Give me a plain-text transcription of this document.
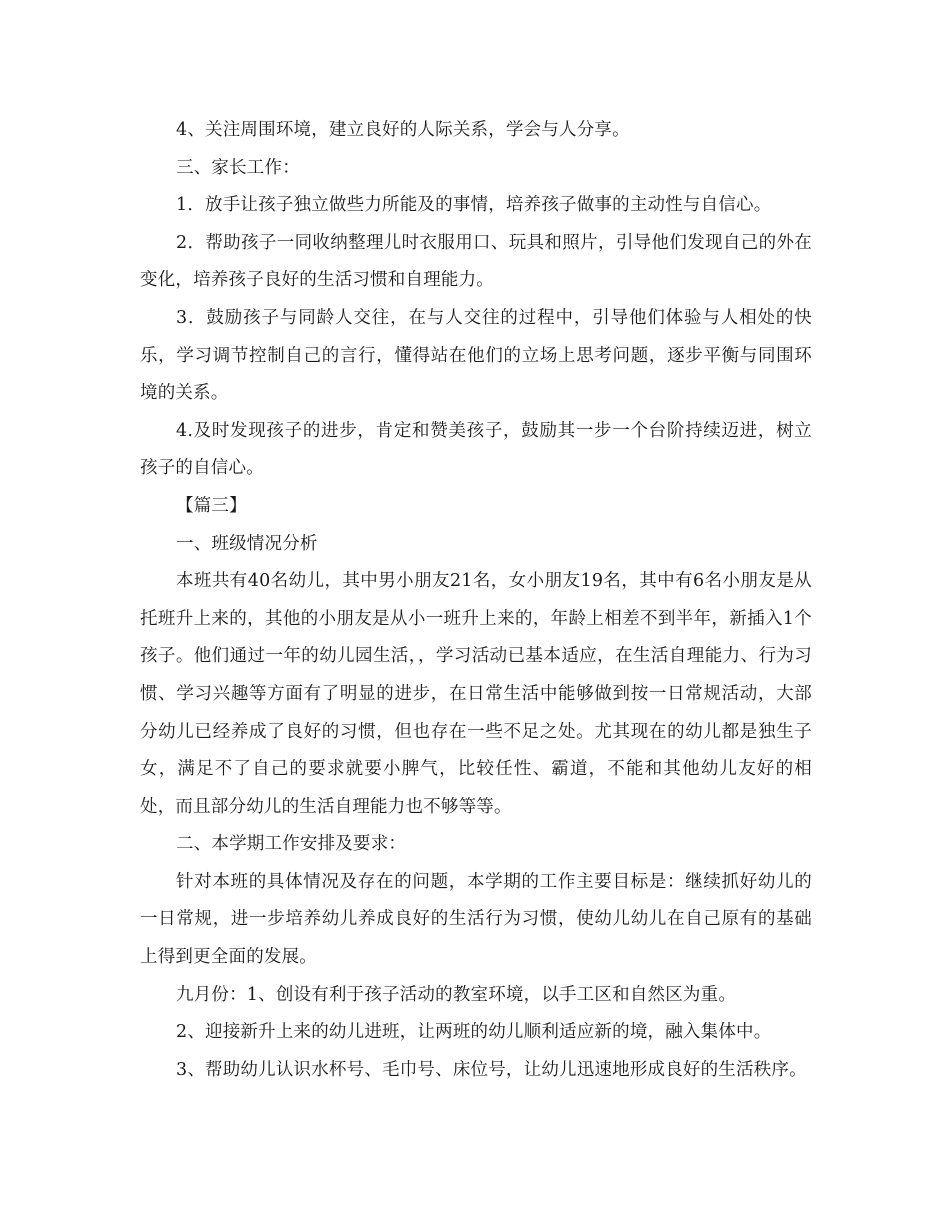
4、关注周围环境，建立良好的人际关系，学会与人分享。

三、家长工作：

1．放手让孩子独立做些力所能及的事情，培养孩子做事的主动性与自信心。

2．帮助孩子一同收纳整理儿时衣服用口、玩具和照片，引导他们发现自己的外在变化，培养孩子良好的生活习惯和自理能力。

3．鼓励孩子与同龄人交往，在与人交往的过程中，引导他们体验与人相处的快乐，学习调节控制自己的言行，懂得站在他们的立场上思考问题，逐步平衡与同围环境的关系。

4.及时发现孩子的进步，肯定和赞美孩子，鼓励其一步一个台阶持续迈进，树立孩子的自信心。

【篇三】

一、班级情况分析

本班共有40名幼儿，其中男小朋友21名，女小朋友19名，其中有6名小朋友是从托班升上来的，其他的小朋友是从小一班升上来的，年龄上相差不到半年，新插入1个孩子。他们通过一年的幼儿园生活，，学习活动已基本适应，在生活自理能力、行为习惯、学习兴趣等方面有了明显的进步，在日常生活中能够做到按一日常规活动，大部分幼儿已经养成了良好的习惯，但也存在一些不足之处。尤其现在的幼儿都是独生子女，满足不了自己的要求就要小脾气，比较任性、霸道，不能和其他幼儿友好的相处，而且部分幼儿的生活自理能力也不够等等。

二、本学期工作安排及要求：

针对本班的具体情况及存在的问题，本学期的工作主要目标是：继续抓好幼儿的一日常规，进一步培养幼儿养成良好的生活行为习惯，使幼儿幼儿在自己原有的基础上得到更全面的发展。

九月份：1、创设有利于孩子活动的教室环境，以手工区和自然区为重。

2、迎接新升上来的幼儿进班，让两班的幼儿顺利适应新的境，融入集体中。

3、帮助幼儿认识水杯号、毛巾号、床位号，让幼儿迅速地形成良好的生活秩序。
